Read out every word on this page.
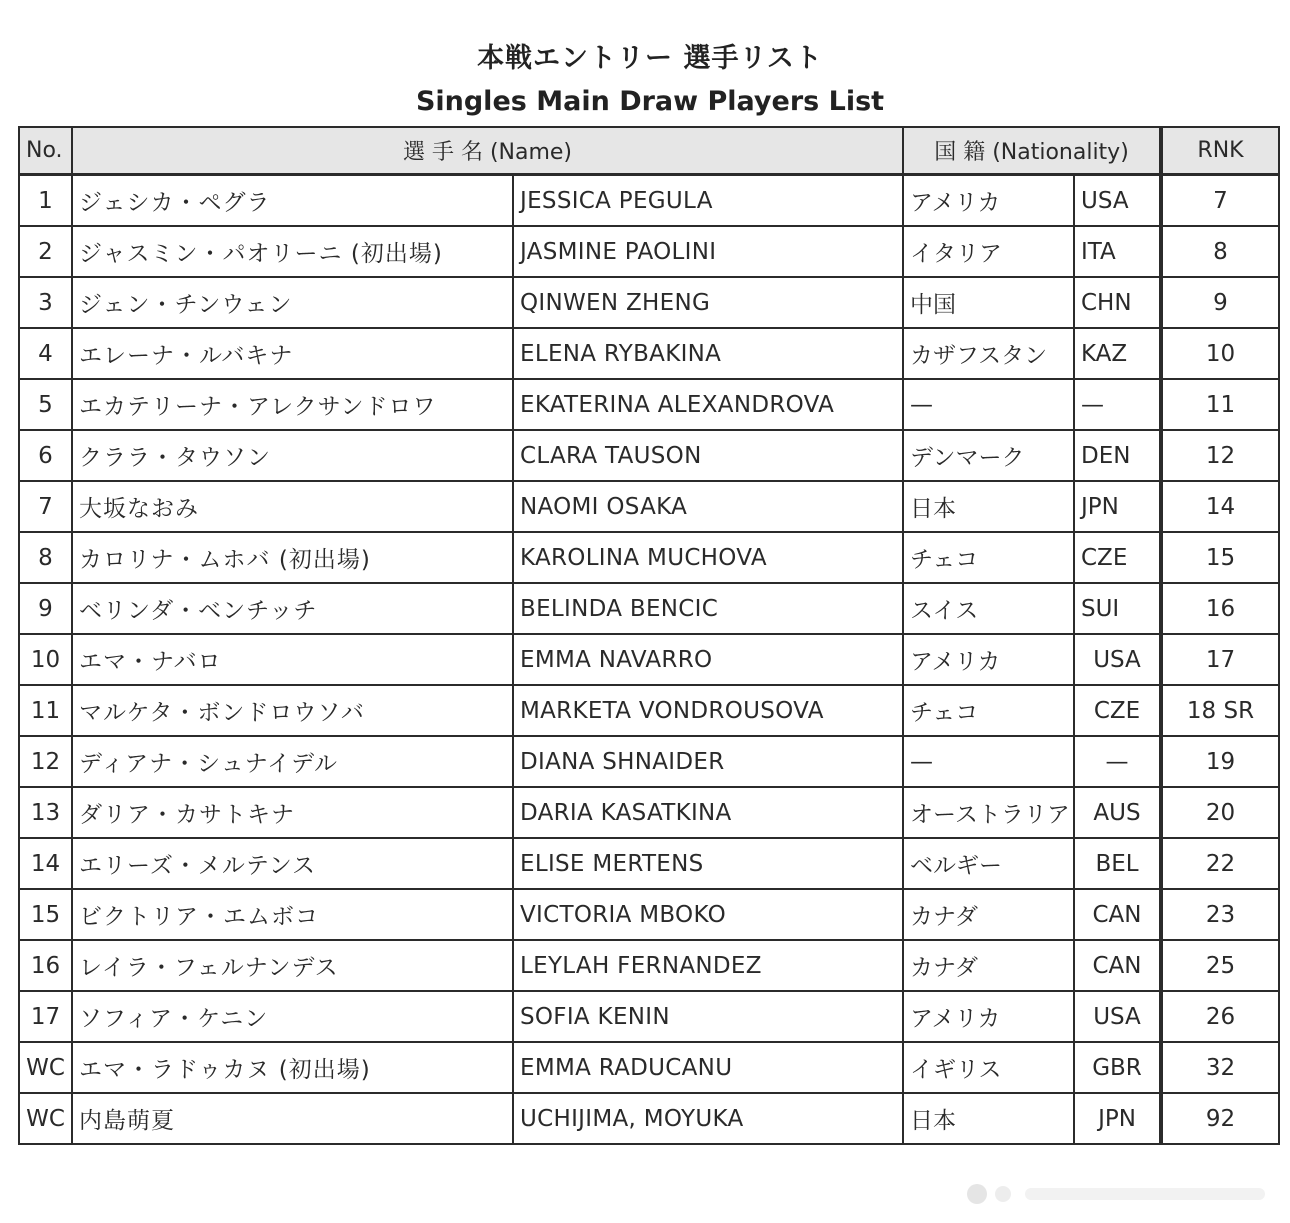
本戦エントリー 選手リスト
Singles Main Draw Players List
No.	選 手 名 (Name)		国 籍 (Nationality)		RNK
1	ジェシカ・ペグラ	JESSICA PEGULA	アメリカ	USA	7
2	ジャスミン・パオリーニ (初出場)	JASMINE PAOLINI	イタリア	ITA	8
3	ジェン・チンウェン	QINWEN ZHENG	中国	CHN	9
4	エレーナ・ルバキナ	ELENA RYBAKINA	カザフスタン	KAZ	10
5	エカテリーナ・アレクサンドロワ	EKATERINA ALEXANDROVA	—	—	11
6	クララ・タウソン	CLARA TAUSON	デンマーク	DEN	12
7	大坂なおみ	NAOMI OSAKA	日本	JPN	14
8	カロリナ・ムホバ (初出場)	KAROLINA MUCHOVA	チェコ	CZE	15
9	ベリンダ・ベンチッチ	BELINDA BENCIC	スイス	SUI	16
10	エマ・ナバロ	EMMA NAVARRO	アメリカ	USA	17
11	マルケタ・ボンドロウソバ	MARKETA VONDROUSOVA	チェコ	CZE	18 SR
12	ディアナ・シュナイデル	DIANA SHNAIDER	—	—	19
13	ダリア・カサトキナ	DARIA KASATKINA	オーストラリア	AUS	20
14	エリーズ・メルテンス	ELISE MERTENS	ベルギー	BEL	22
15	ビクトリア・エムボコ	VICTORIA MBOKO	カナダ	CAN	23
16	レイラ・フェルナンデス	LEYLAH FERNANDEZ	カナダ	CAN	25
17	ソフィア・ケニン	SOFIA KENIN	アメリカ	USA	26
WC	エマ・ラドゥカヌ (初出場)	EMMA RADUCANU	イギリス	GBR	32
WC	内島萌夏	UCHIJIMA, MOYUKA	日本	JPN	92
